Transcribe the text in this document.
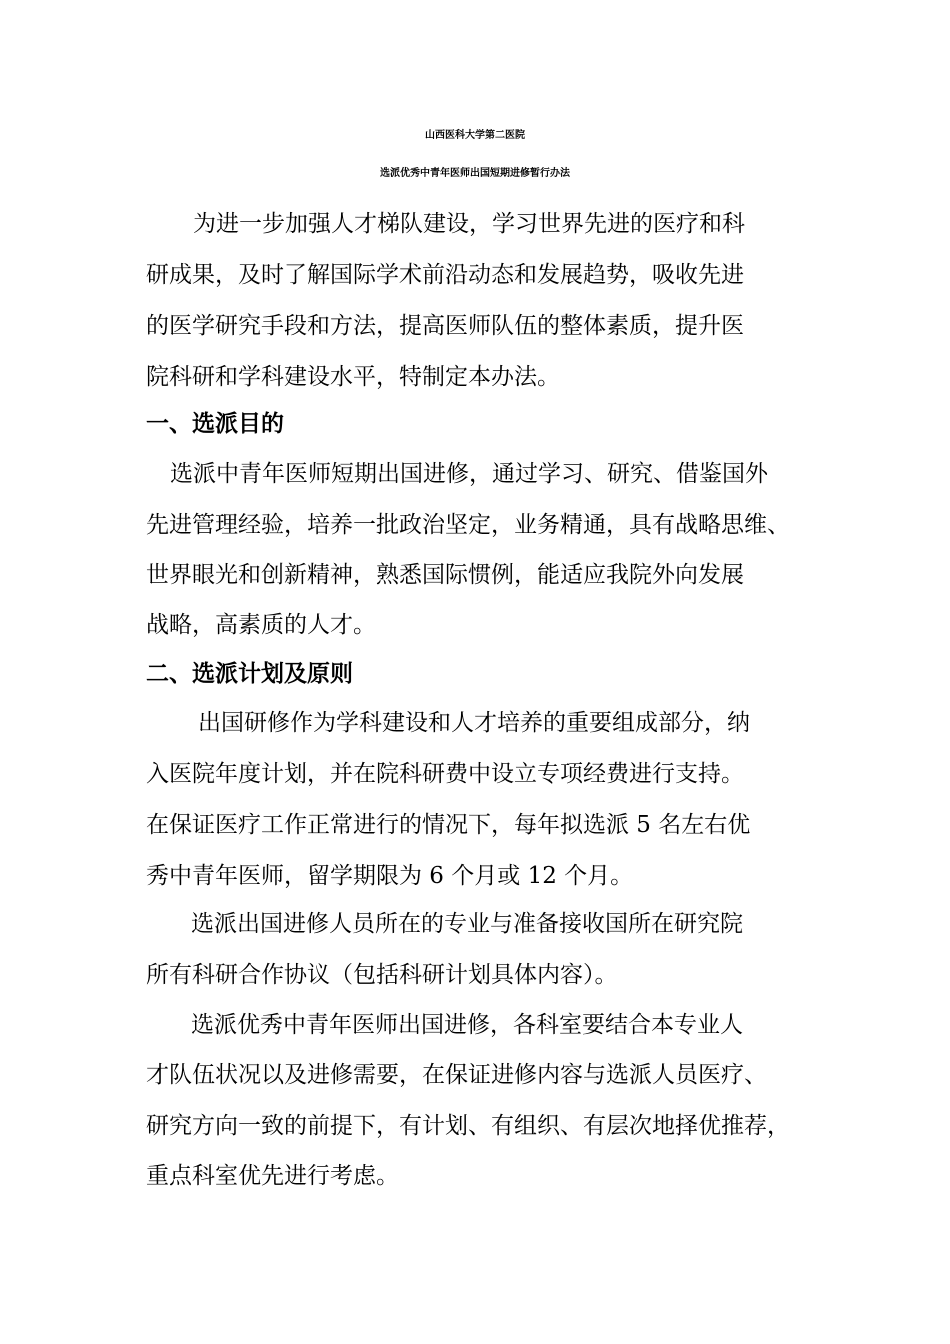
山西医科大学第二医院
选派优秀中青年医师出国短期进修暂行办法
为进一步加强人才梯队建设，学习世界先进的医疗和科
研成果，及时了解国际学术前沿动态和发展趋势，吸收先进
的医学研究手段和方法，提高医师队伍的整体素质，提升医
院科研和学科建设水平，特制定本办法。
一、选派目的
选派中青年医师短期出国进修，通过学习、研究、借鉴国外
先进管理经验，培养一批政治坚定，业务精通，具有战略思维、
世界眼光和创新精神，熟悉国际惯例，能适应我院外向发展
战略，高素质的人才。
二、选派计划及原则
出国研修作为学科建设和人才培养的重要组成部分，纳
入医院年度计划，并在院科研费中设立专项经费进行支持。
在保证医疗工作正常进行的情况下，每年拟选派 5 名左右优
秀中青年医师，留学期限为 6 个月或 12 个月。
选派出国进修人员所在的专业与准备接收国所在研究院
所有科研合作协议（包括科研计划具体内容）。
选派优秀中青年医师出国进修，各科室要结合本专业人
才队伍状况以及进修需要，在保证进修内容与选派人员医疗、
研究方向一致的前提下，有计划、有组织、有层次地择优推荐，
重点科室优先进行考虑。
